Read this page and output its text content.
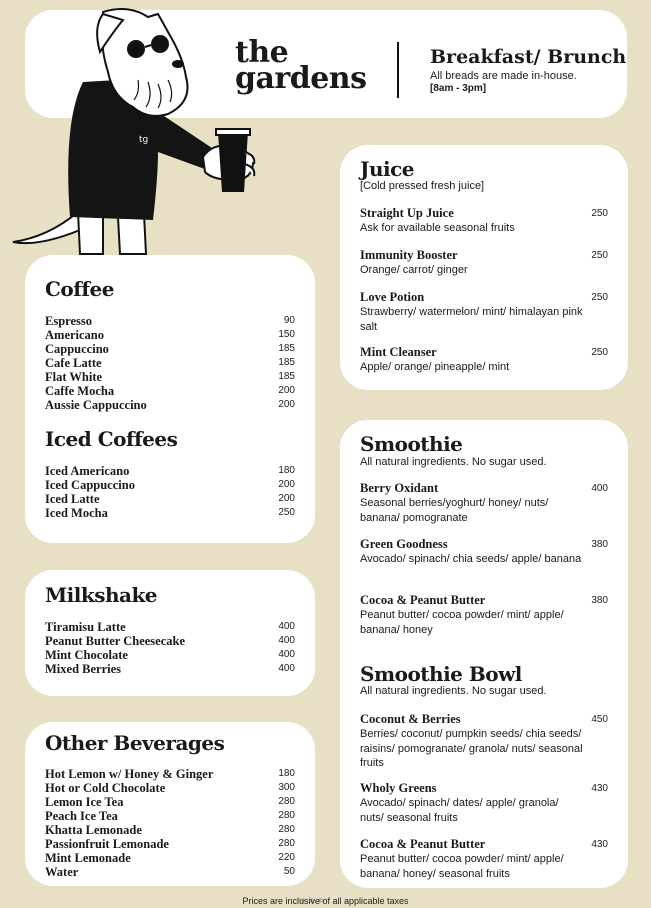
the
gardens
Breakfast/ Brunch
All breads are made in-house.
[8am - 3pm]
tg
Coffee
Espresso	90
Americano	150
Cappuccino	185
Cafe Latte	185
Flat White	185
Caffe Mocha	200
Aussie Cappuccino	200
Iced Coffees
Iced Americano	180
Iced Cappuccino	200
Iced Latte	200
Iced Mocha	250
Milkshake
Tiramisu Latte	400
Peanut Butter Cheesecake	400
Mint Chocolate	400
Mixed Berries	400
Other Beverages
Hot Lemon w/ Honey & Ginger	180
Hot or Cold Chocolate	300
Lemon Ice Tea	280
Peach Ice Tea	280
Khatta Lemonade	280
Passionfruit Lemonade	280
Mint Lemonade	220
Water	50
Juice
[Cold pressed fresh juice]
Straight Up Juice
Ask for available seasonal fruits
250
Immunity Booster
Orange/ carrot/ ginger
250
Love Potion
Strawberry/ watermelon/ mint/ himalayan pink salt
250
Mint Cleanser
Apple/ orange/ pineapple/ mint
250
Smoothie
All natural ingredients. No sugar used.
Berry Oxidant
Seasonal berries/yoghurt/ honey/ nuts/ banana/ pomogranate
400
Green Goodness
Avocado/ spinach/ chia seeds/ apple/ banana
380
Cocoa & Peanut Butter
Peanut butter/ cocoa powder/ mint/ apple/ banana/ honey
380
Smoothie Bowl
All natural ingredients. No sugar used.
Coconut & Berries
Berries/ coconut/ pumpkin seeds/ chia seeds/ raisins/ pomogranate/ granola/ nuts/ seasonal fruits
450
Wholy Greens
Avocado/ spinach/ dates/ apple/ granola/ nuts/ seasonal fruits
430
Cocoa & Peanut Butter
Peanut butter/ cocoa powder/ mint/ apple/ banana/ honey/ seasonal fruits
430
Prices are inclusive of all applicable taxes
